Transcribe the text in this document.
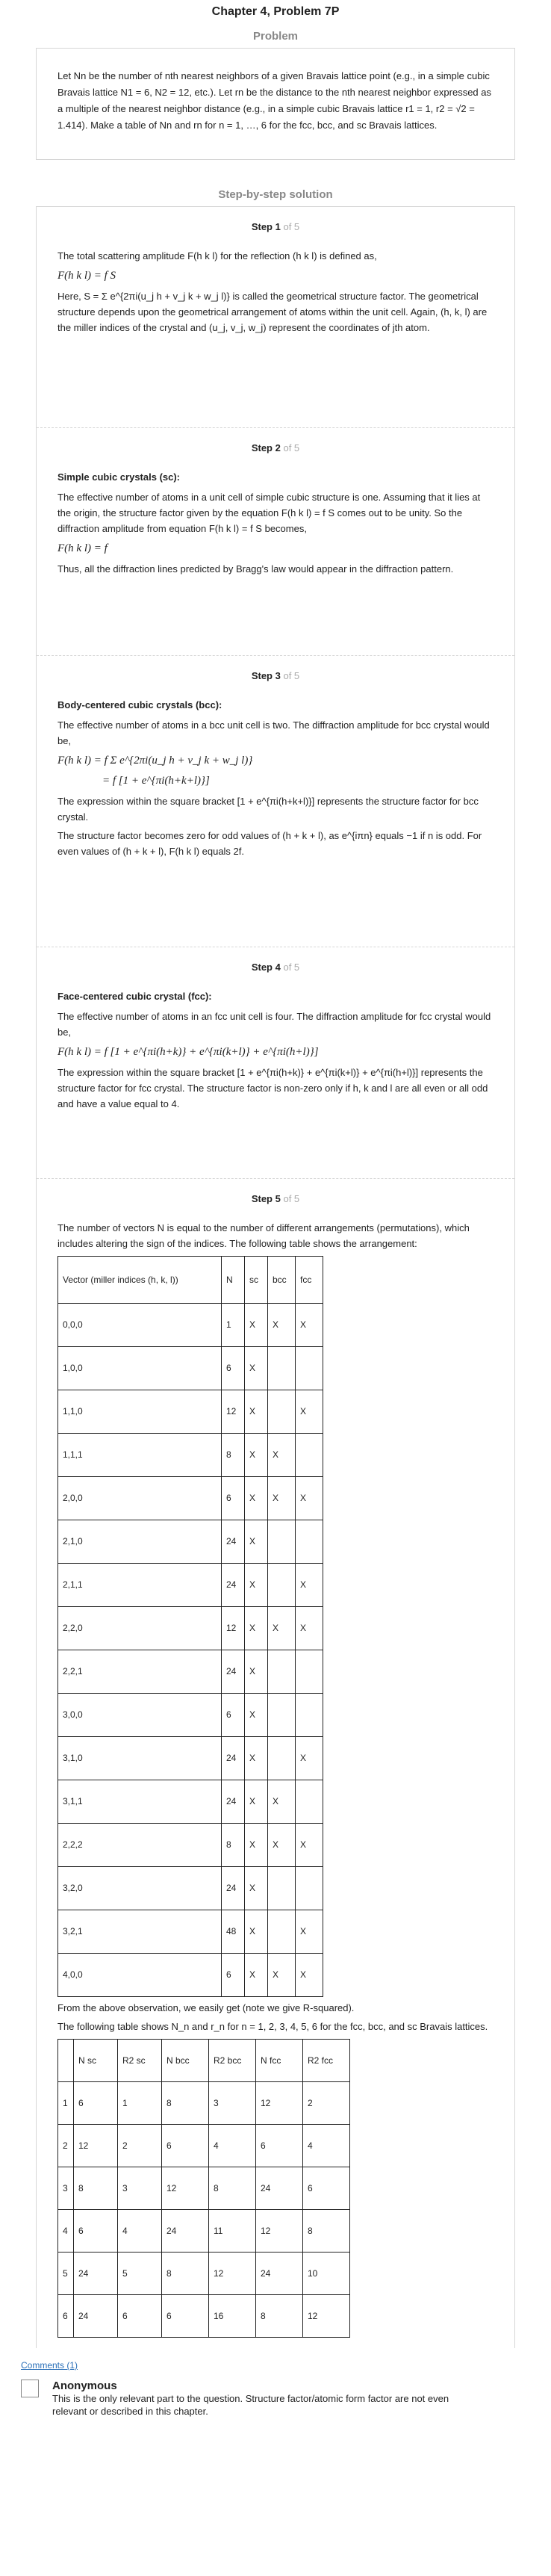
Chapter 4, Problem 7P
Problem
Let Nn be the number of nth nearest neighbors of a given Bravais lattice point (e.g., in a simple cubic Bravais lattice N1 = 6, N2 = 12, etc.). Let rn be the distance to the nth nearest neighbor expressed as a multiple of the nearest neighbor distance (e.g., in a simple cubic Bravais lattice r1 = 1, r2 = √2 = 1.414). Make a table of Nn and rn for n = 1, …, 6 for the fcc, bcc, and sc Bravais lattices.
Step-by-step solution
Step 1 of 5

The total scattering amplitude F(h k l) for the reflection (h k l) is defined as,

F(h k l) = f S

Here, S = Σ e^{2πi(u_j h + v_j k + w_j l)} is called the geometrical structure factor. The geometrical structure depends upon the geometrical arrangement of atoms within the unit cell. Again, (h, k, l) are the miller indices of the crystal and (u_j, v_j, w_j) represent the coordinates of jth atom.

Step 2 of 5
Simple cubic crystals (sc):

The effective number of atoms in a unit cell of simple cubic structure is one. Assuming that it lies at the origin, the structure factor given by the equation F(h k l) = f S comes out to be unity. So the diffraction amplitude from equation F(h k l) = f S becomes,

F(h k l) = f

Thus, all the diffraction lines predicted by Bragg's law would appear in the diffraction pattern.

Step 3 of 5
Body-centered cubic crystals (bcc):

The effective number of atoms in a bcc unit cell is two. The diffraction amplitude for bcc crystal would be,

F(h k l) = f Σ e^{2πi(u_j h + v_j k + w_j l)}
= f [1 + e^{πi(h+k+l)}]

The expression within the square bracket [1 + e^{πi(h+k+l)}] represents the structure factor for bcc crystal.

The structure factor becomes zero for odd values of (h + k + l), as e^{iπn} equals −1 if n is odd. For even values of (h + k + l), F(h k l) equals 2f.

Step 4 of 5
Face-centered cubic crystal (fcc):

The effective number of atoms in an fcc unit cell is four. The diffraction amplitude for fcc crystal would be,

F(h k l) = f [1 + e^{πi(h+k)} + e^{πi(k+l)} + e^{πi(h+l)}]

The expression within the square bracket [1 + e^{πi(h+k)} + e^{πi(k+l)} + e^{πi(h+l)}] represents the structure factor for fcc crystal. The structure factor is non-zero only if h, k and l are all even or all odd and have a value equal to 4.

Step 5 of 5

The number of vectors N is equal to the number of different arrangements (permutations), which includes altering the sign of the indices. The following table shows the arrangement:

Vector (miller indices (h, k, l))	N	sc	bcc	fcc
0,0,0	1	X	X	X
1,0,0	6	X		
1,1,0	12	X		X
1,1,1	8	X	X	
2,0,0	6	X	X	X
2,1,0	24	X		
2,1,1	24	X		X
2,2,0	12	X	X	X
2,2,1	24	X		
3,0,0	6	X		
3,1,0	24	X		X
3,1,1	24	X	X	
2,2,2	8	X	X	X
3,2,0	24	X		
3,2,1	48	X		X
4,0,0	6	X	X	X

From the above observation, we easily get (note we give R-squared).

The following table shows N_n and r_n for n = 1, 2, 3, 4, 5, 6 for the fcc, bcc, and sc Bravais lattices.

	N sc	R2 sc	N bcc	R2 bcc	N fcc	R2 fcc
1	6	1	8	3	12	2
2	12	2	6	4	6	4
3	8	3	12	8	24	6
4	6	4	24	11	12	8
5	24	5	8	12	24	10
6	24	6	6	16	8	12
Comments (1)
Anonymous
This is the only relevant part to the question. Structure factor/atomic form factor are not even relevant or described in this chapter.
